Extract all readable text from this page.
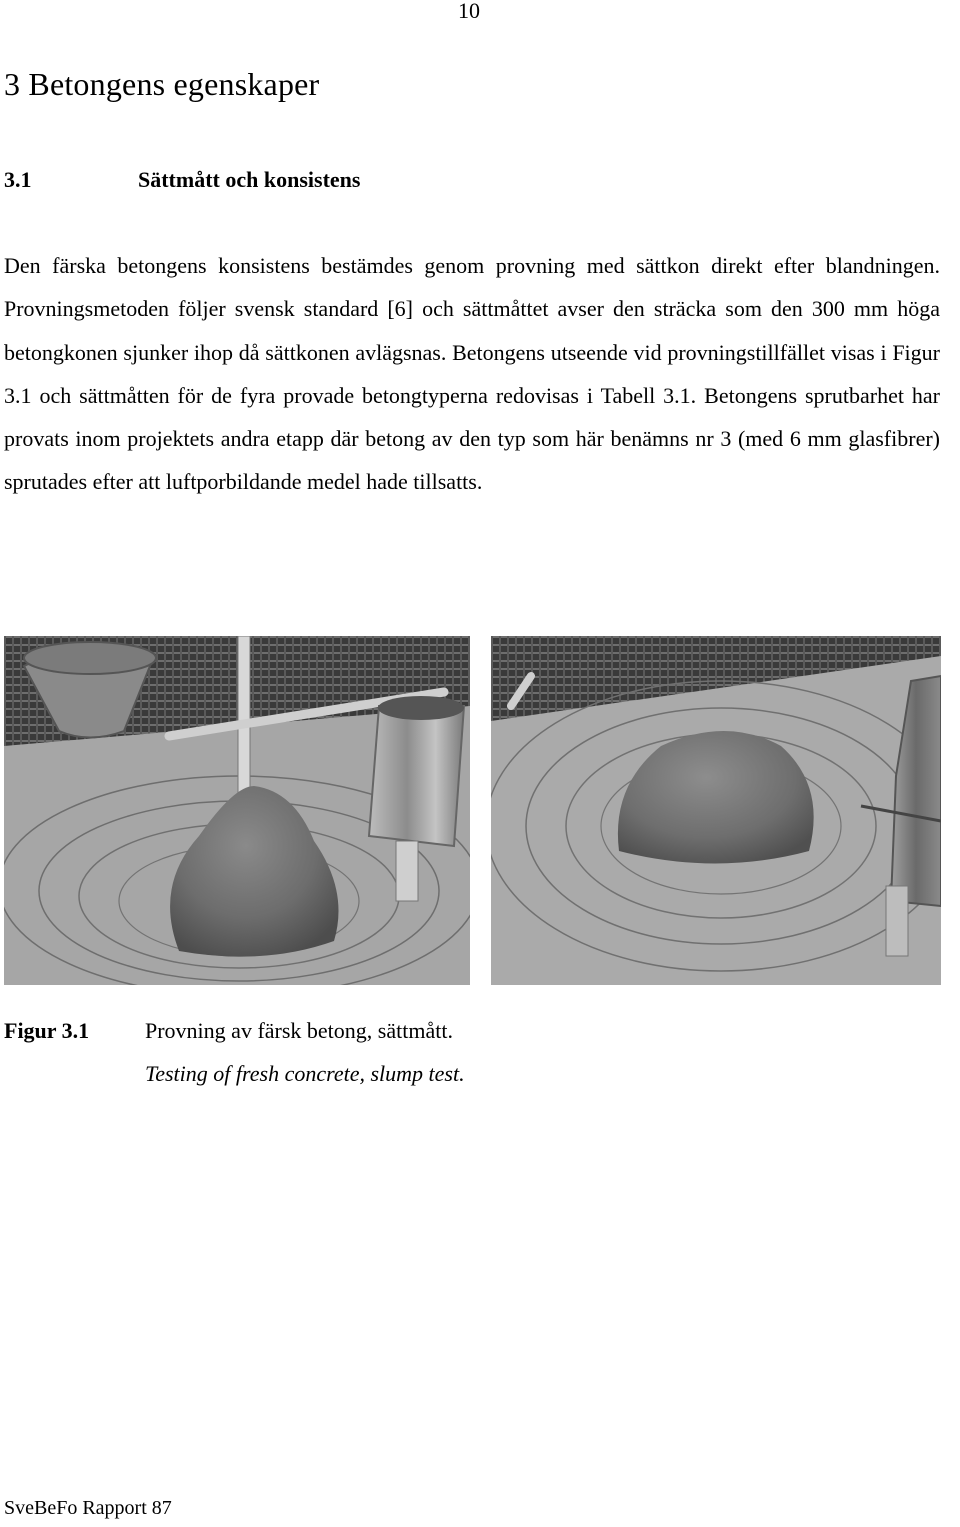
10
3 Betongens egenskaper
3.1	Sättmått och konsistens

Den färska betongens konsistens bestämdes genom provning med sättkon direkt efter blandningen. Provningsmetoden följer svensk standard [6] och sättmåttet avser den sträcka som den 300 mm höga betongkonen sjunker ihop då sättkonen avlägsnas. Betongens utseende vid provningstillfället visas i Figur 3.1 och sättmåtten för de fyra provade betongtyperna redovisas i Tabell 3.1. Betongens sprutbarhet har provats inom projektets andra etapp där betong av den typ som här benämns nr 3 (med 6 mm glasfibrer) sprutades efter att luftporbildande medel hade tillsatts.

Figur 3.1	Provning av färsk betong, sättmått.
Testing of fresh concrete, slump test.
SveBeFo Rapport 87
